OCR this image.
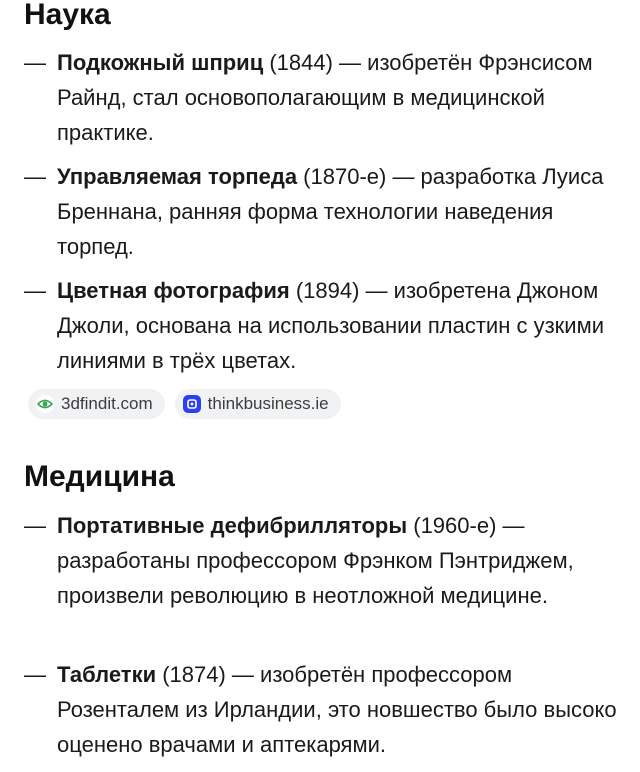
Наука
— Подкожный шприц (1844) — изобретён Фрэнсисом Райнд, стал основополагающим в медицинской практике.
— Управляемая торпеда (1870-е) — разработка Луиса Бреннана, ранняя форма технологии наведения торпед.
— Цветная фотография (1894) — изобретена Джоном Джоли, основана на использовании пластин с узкими линиями в трёх цветах.
3dfindit.com	thinkbusiness.ie
Медицина
— Портативные дефибрилляторы (1960-е) — разработаны профессором Фрэнком Пэнтриджем, произвели революцию в неотложной медицине.
— Таблетки (1874) — изобретён профессором Розенталем из Ирландии, это новшество было высоко оценено врачами и аптекарями.
